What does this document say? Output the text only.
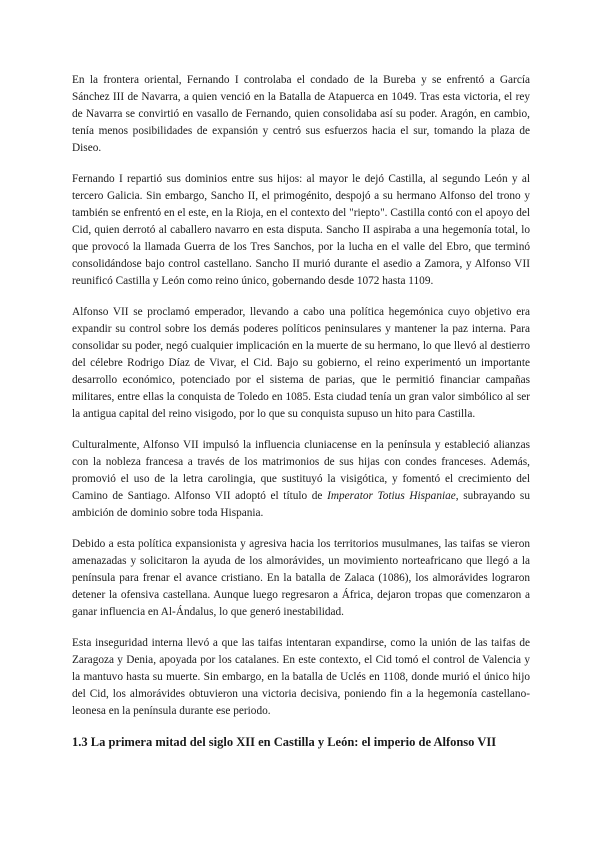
En la frontera oriental, Fernando I controlaba el condado de la Bureba y se enfrentó a García Sánchez III de Navarra, a quien venció en la Batalla de Atapuerca en 1049. Tras esta victoria, el rey de Navarra se convirtió en vasallo de Fernando, quien consolidaba así su poder. Aragón, en cambio, tenía menos posibilidades de expansión y centró sus esfuerzos hacia el sur, tomando la plaza de Diseo.

Fernando I repartió sus dominios entre sus hijos: al mayor le dejó Castilla, al segundo León y al tercero Galicia. Sin embargo, Sancho II, el primogénito, despojó a su hermano Alfonso del trono y también se enfrentó en el este, en la Rioja, en el contexto del "riepto". Castilla contó con el apoyo del Cid, quien derrotó al caballero navarro en esta disputa. Sancho II aspiraba a una hegemonía total, lo que provocó la llamada Guerra de los Tres Sanchos, por la lucha en el valle del Ebro, que terminó consolidándose bajo control castellano. Sancho II murió durante el asedio a Zamora, y Alfonso VII reunificó Castilla y León como reino único, gobernando desde 1072 hasta 1109.

Alfonso VII se proclamó emperador, llevando a cabo una política hegemónica cuyo objetivo era expandir su control sobre los demás poderes políticos peninsulares y mantener la paz interna. Para consolidar su poder, negó cualquier implicación en la muerte de su hermano, lo que llevó al destierro del célebre Rodrigo Díaz de Vivar, el Cid. Bajo su gobierno, el reino experimentó un importante desarrollo económico, potenciado por el sistema de parias, que le permitió financiar campañas militares, entre ellas la conquista de Toledo en 1085. Esta ciudad tenía un gran valor simbólico al ser la antigua capital del reino visigodo, por lo que su conquista supuso un hito para Castilla.

Culturalmente, Alfonso VII impulsó la influencia cluniacense en la península y estableció alianzas con la nobleza francesa a través de los matrimonios de sus hijas con condes franceses. Además, promovió el uso de la letra carolingia, que sustituyó la visigótica, y fomentó el crecimiento del Camino de Santiago. Alfonso VII adoptó el título de Imperator Totius Hispaniae, subrayando su ambición de dominio sobre toda Hispania.

Debido a esta política expansionista y agresiva hacia los territorios musulmanes, las taifas se vieron amenazadas y solicitaron la ayuda de los almorávides, un movimiento norteafricano que llegó a la península para frenar el avance cristiano. En la batalla de Zalaca (1086), los almorávides lograron detener la ofensiva castellana. Aunque luego regresaron a África, dejaron tropas que comenzaron a ganar influencia en Al-Ándalus, lo que generó inestabilidad.

Esta inseguridad interna llevó a que las taifas intentaran expandirse, como la unión de las taifas de Zaragoza y Denia, apoyada por los catalanes. En este contexto, el Cid tomó el control de Valencia y la mantuvo hasta su muerte. Sin embargo, en la batalla de Uclés en 1108, donde murió el único hijo del Cid, los almorávides obtuvieron una victoria decisiva, poniendo fin a la hegemonía castellano-leonesa en la península durante ese periodo.

1.3 La primera mitad del siglo XII en Castilla y León: el imperio de Alfonso VII
